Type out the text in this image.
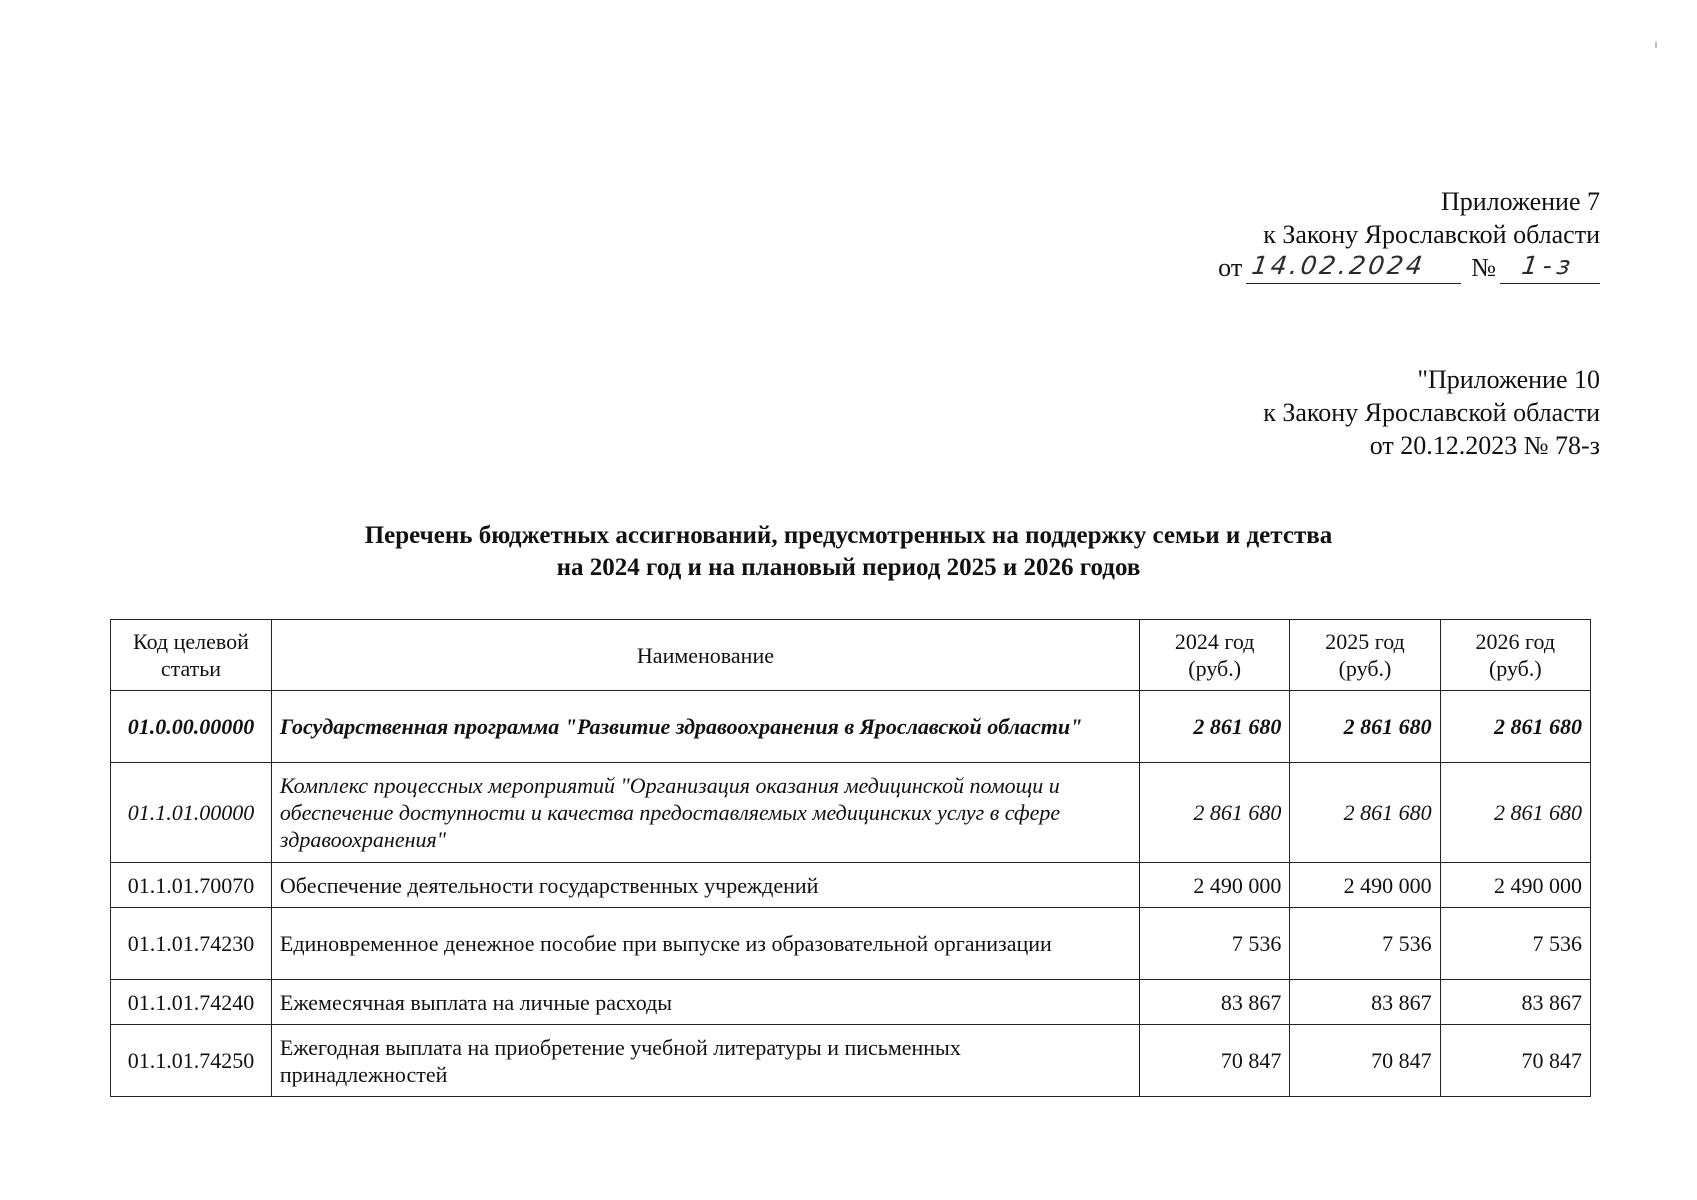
Приложение 7
к Закону Ярославской области
от 14.02.2024 № 1-з
"Приложение 10
к Закону Ярославской области
от 20.12.2023 № 78-з
Перечень бюджетных ассигнований, предусмотренных на поддержку семьи и детства
на 2024 год и на плановый период 2025 и 2026 годов
Код целевой статьи	Наименование	2024 год (руб.)	2025 год (руб.)	2026 год (руб.)
01.0.00.00000	Государственная программа "Развитие здравоохранения в Ярославской области"	2 861 680	2 861 680	2 861 680
01.1.01.00000	Комплекс процессных мероприятий "Организация оказания медицинской помощи и обеспечение доступности и качества предоставляемых медицинских услуг в сфере здравоохранения"	2 861 680	2 861 680	2 861 680
01.1.01.70070	Обеспечение деятельности государственных учреждений	2 490 000	2 490 000	2 490 000
01.1.01.74230	Единовременное денежное пособие при выпуске из образовательной организации	7 536	7 536	7 536
01.1.01.74240	Ежемесячная выплата на личные расходы	83 867	83 867	83 867
01.1.01.74250	Ежегодная выплата на приобретение учебной литературы и письменных принадлежностей	70 847	70 847	70 847
